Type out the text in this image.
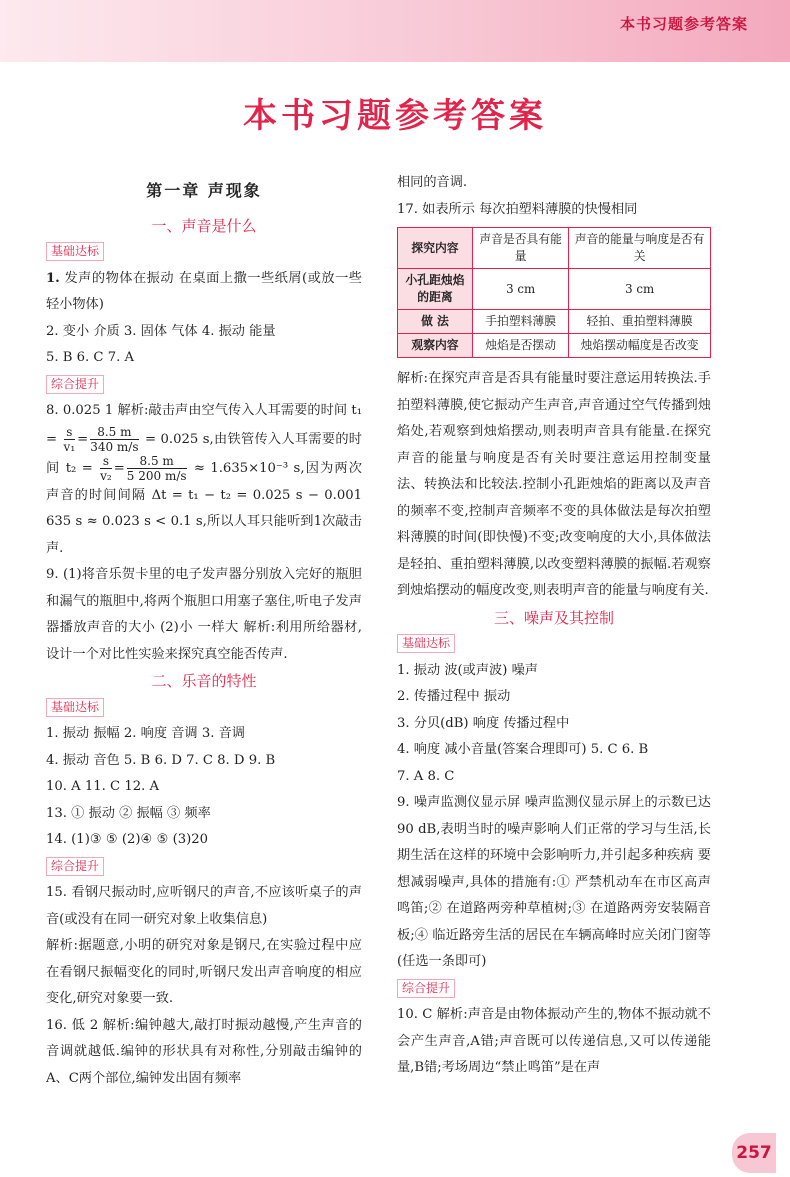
本书习题参考答案
本书习题参考答案
第一章 声现象
一、声音是什么
基础达标

1. 发声的物体在振动 在桌面上撒一些纸屑(或放一些轻小物体)

2. 变小 介质 3. 固体 气体 4. 振动 能量

5. B 6. C 7. A

综合提升

8. 0.025 1 解析:敲击声由空气传入人耳需要的时间 $t_1 = \frac{s}{\text{v₁}} = \frac{8.5 m}{340 m/s} = 0.025$ s,由铁管传入人耳需要的时间 $t_2 = \frac{s}{\text{v₂}} = \frac{8.5 m}{5 200 m/s} \approx 1.635\times 10^{-3}$ s,因为两次声音的时间间隔 Δt = t₁ − t₂ = 0.025 s − 0.001 635 s ≈ 0.023 s < 0.1 s,所以人耳只能听到1次敲击声.

9. (1)将音乐贺卡里的电子发声器分别放入完好的瓶胆和漏气的瓶胆中,将两个瓶胆口用塞子塞住,听电子发声器播放声音的大小 (2)小 一样大 解析:利用所给器材,设计一个对比性实验来探究真空能否传声.

二、乐音的特性
基础达标

1. 振动 振幅 2. 响度 音调 3. 音调

4. 振动 音色 5. B 6. D 7. C 8. D 9. B

10. A 11. C 12. A

13. ① 振动 ② 振幅 ③ 频率

14. (1)③ ⑤ (2)④ ⑤ (3)20

综合提升

15. 看钢尺振动时,应听钢尺的声音,不应该听桌子的声音(或没有在同一研究对象上收集信息)

解析:据题意,小明的研究对象是钢尺,在实验过程中应在看钢尺振幅变化的同时,听钢尺发出声音响度的相应变化,研究对象要一致.

16. 低 2 解析:编钟越大,敲打时振动越慢,产生声音的音调就越低.编钟的形状具有对称性,分别敲击编钟的A、C两个部位,编钟发出固有频率

相同的音调.

17. 如表所示 每次拍塑料薄膜的快慢相同

探究内容	声音是否具有能量	声音的能量与响度是否有关
小孔距烛焰的距离	3 cm	3 cm
做 法	手拍塑料薄膜	轻拍、重拍塑料薄膜
观察内容	烛焰是否摆动	烛焰摆动幅度是否改变

解析:在探究声音是否具有能量时要注意运用转换法.手拍塑料薄膜,使它振动产生声音,声音通过空气传播到烛焰处,若观察到烛焰摆动,则表明声音具有能量.在探究声音的能量与响度是否有关时要注意运用控制变量法、转换法和比较法.控制小孔距烛焰的距离以及声音的频率不变,控制声音频率不变的具体做法是每次拍塑料薄膜的时间(即快慢)不变;改变响度的大小,具体做法是轻拍、重拍塑料薄膜,以改变塑料薄膜的振幅.若观察到烛焰摆动的幅度改变,则表明声音的能量与响度有关.

三、噪声及其控制
基础达标

1. 振动 波(或声波) 噪声

2. 传播过程中 振动

3. 分贝(dB) 响度 传播过程中

4. 响度 减小音量(答案合理即可) 5. C 6. B

7. A 8. C

9. 噪声监测仪显示屏 噪声监测仪显示屏上的示数已达 90 dB,表明当时的噪声影响人们正常的学习与生活,长期生活在这样的环境中会影响听力,并引起多种疾病 要想减弱噪声,具体的措施有:① 严禁机动车在市区高声鸣笛;② 在道路两旁种草植树;③ 在道路两旁安装隔音板;④ 临近路旁生活的居民在车辆高峰时应关闭门窗等(任选一条即可)

综合提升

10. C 解析:声音是由物体振动产生的,物体不振动就不会产生声音,A错;声音既可以传递信息,又可以传递能量,B错;考场周边“禁止鸣笛”是在声

257
